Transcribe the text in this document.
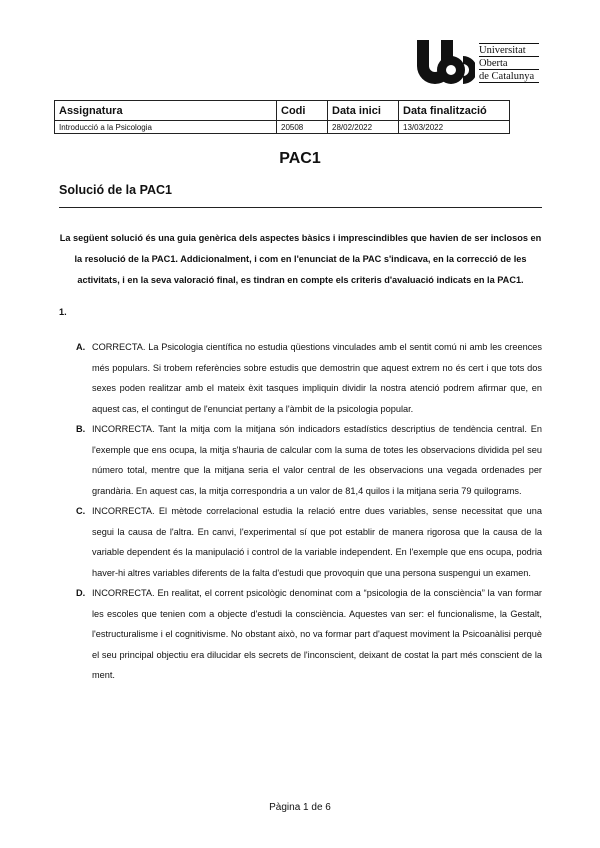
Universitat
Oberta
de Catalunya
Assignatura	Codi	Data inici	Data finalització
Introducció a la Psicologia	20508	28/02/2022	13/03/2022
PAC1
Solució de la PAC1
La següent solució és una guia genèrica dels aspectes bàsics i imprescindibles que havien de ser inclosos en la resolució de la PAC1. Addicionalment, i com en l'enunciat de la PAC s'indicava, en la correcció de les activitats, i en la seva valoració final, es tindran en compte els criteris d'avaluació indicats en la PAC1.
1.
A. CORRECTA. La Psicologia científica no estudia qüestions vinculades amb el sentit comú ni amb les creences més populars. Si trobem referències sobre estudis que demostrin que aquest extrem no és cert i que tots dos sexes poden realitzar amb el mateix èxit tasques impliquin dividir la nostra atenció podrem afirmar que, en aquest cas, el contingut de l'enunciat pertany a l'àmbit de la psicologia popular.
B. INCORRECTA. Tant la mitja com la mitjana són indicadors estadístics descriptius de tendència central. En l'exemple que ens ocupa, la mitja s'hauria de calcular com la suma de totes les observacions dividida pel seu número total, mentre que la mitjana seria el valor central de les observacions una vegada ordenades per grandària. En aquest cas, la mitja correspondria a un valor de 81,4 quilos i la mitjana seria 79 quilograms.
C. INCORRECTA. El mètode correlacional estudia la relació entre dues variables, sense necessitat que una segui la causa de l'altra. En canvi, l'experimental sí que pot establir de manera rigorosa que la causa de la variable dependent és la manipulació i control de la variable independent. En l'exemple que ens ocupa, podria haver-hi altres variables diferents de la falta d'estudi que provoquin que una persona suspengui un examen.
D. INCORRECTA. En realitat, el corrent psicològic denominat com a “psicologia de la consciència” la van formar les escoles que tenien com a objecte d'estudi la consciència. Aquestes van ser: el funcionalisme, la Gestalt, l'estructuralisme i el cognitivisme. No obstant això, no va formar part d'aquest moviment la Psicoanàlisi perquè el seu principal objectiu era dilucidar els secrets de l'inconscient, deixant de costat la part més conscient de la ment.
Pàgina 1 de 6
